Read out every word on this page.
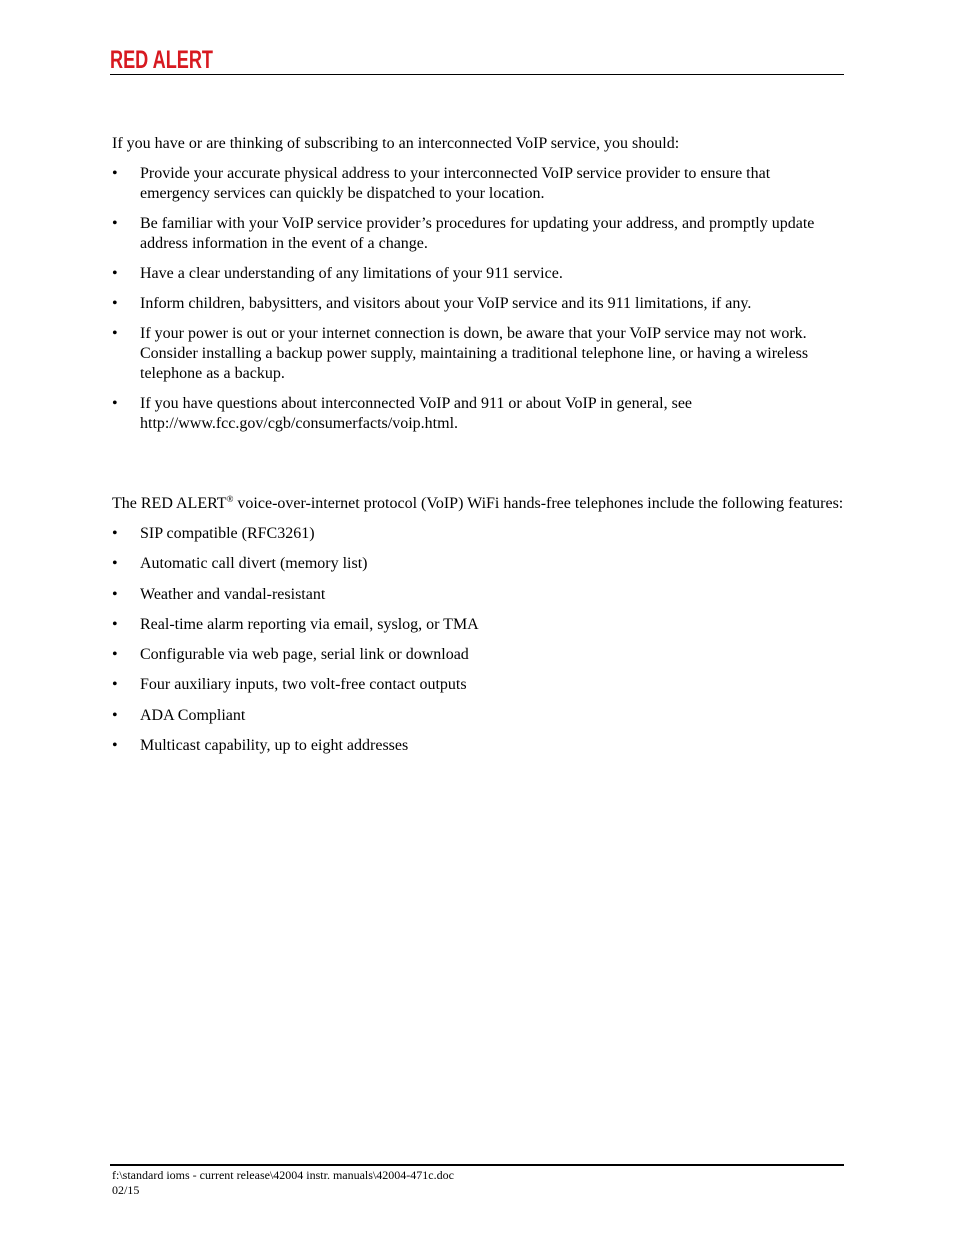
RED ALERT

If you have or are thinking of subscribing to an interconnected VoIP service, you should:

•	Provide your accurate physical address to your interconnected VoIP service provider to ensure that emergency services can quickly be dispatched to your location.
•	Be familiar with your VoIP service provider’s procedures for updating your address, and promptly update address information in the event of a change.
•	Have a clear understanding of any limitations of your 911 service.
•	Inform children, babysitters, and visitors about your VoIP service and its 911 limitations, if any.
•	If your power is out or your internet connection is down, be aware that your VoIP service may not work. Consider installing a backup power supply, maintaining a traditional telephone line, or having a wireless telephone as a backup.
•	If you have questions about interconnected VoIP and 911 or about VoIP in general, see http://www.fcc.gov/cgb/consumerfacts/voip.html.

The RED ALERT® voice-over-internet protocol (VoIP) WiFi hands-free telephones include the following features:

•	SIP compatible (RFC3261)
•	Automatic call divert (memory list)
•	Weather and vandal-resistant
•	Real-time alarm reporting via email, syslog, or TMA
•	Configurable via web page, serial link or download
•	Four auxiliary inputs, two volt-free contact outputs
•	ADA Compliant
•	Multicast capability, up to eight addresses
f:\standard ioms - current release\42004 instr. manuals\42004-471c.doc
02/15
